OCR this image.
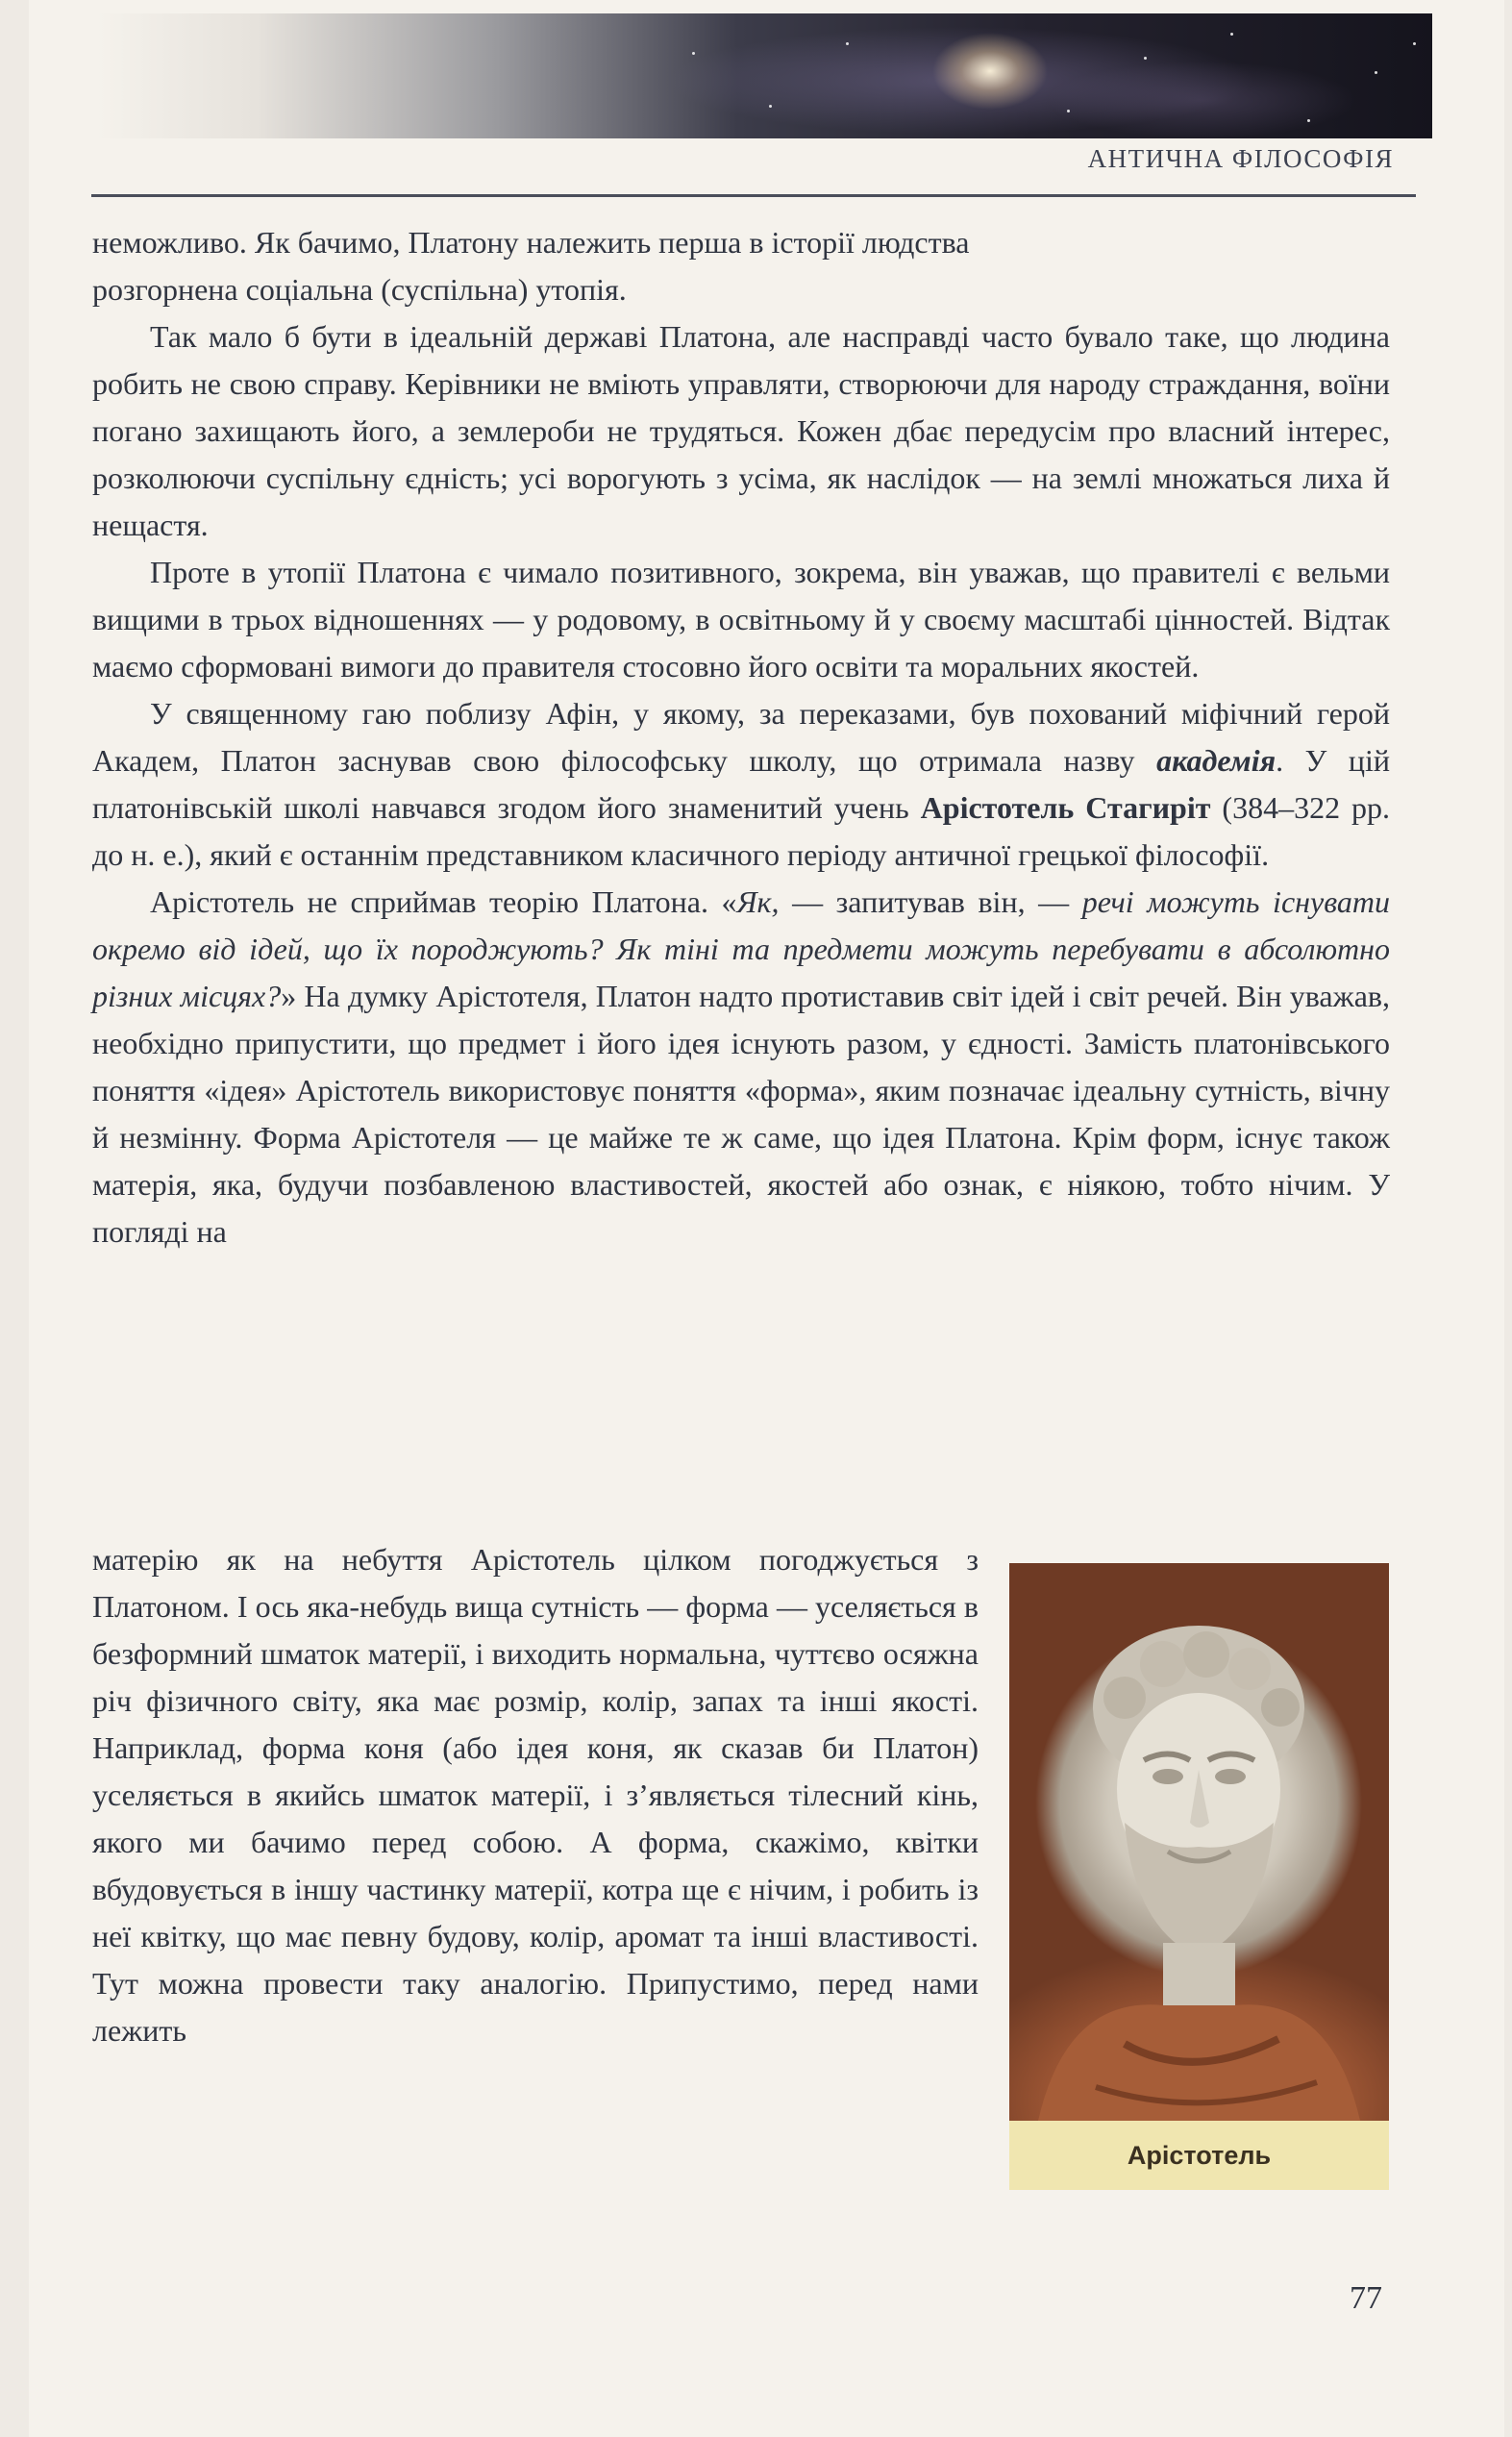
АНТИЧНА ФІЛОСОФІЯ

неможливо. Як бачимо, Платону належить перша в історії людства
розгорнена соціальна (суспільна) утопія.

Так мало б бути в ідеальній державі Платона, але насправді часто бувало таке, що людина робить не свою справу. Керівники не вміють управляти, створюючи для народу страждання, воїни погано захищають його, а землероби не трудяться. Кожен дбає передусім про власний інтерес, розколюючи суспільну єдність; усі ворогують з усіма, як наслідок — на землі множаться лиха й нещастя.

Проте в утопії Платона є чимало позитивного, зокрема, він уважав, що правителі є вельми вищими в трьох відношеннях — у родовому, в освітньому й у своєму масштабі цінностей. Відтак маємо сформовані вимоги до правителя стосовно його освіти та моральних якостей.

У священному гаю поблизу Афін, у якому, за переказами, був похований міфічний герой Академ, Платон заснував свою філософську школу, що отримала назву академія. У цій платонівській школі навчався згодом його знаменитий учень Арістотель Стагиріт (384–322 рр. до н. е.), який є останнім представником класичного періоду античної грецької філософії.

Арістотель не сприймав теорію Платона. «Як, — запитував він, — речі можуть існувати окремо від ідей, що їх породжують? Як тіні та предмети можуть перебувати в абсолютно різних місцях?» На думку Арістотеля, Платон надто протиставив світ ідей і світ речей. Він уважав, необхідно припустити, що предмет і його ідея існують разом, у єдності. Замість платонівського поняття «ідея» Арістотель використовує поняття «форма», яким позначає ідеальну сутність, вічну й незмінну. Форма Арістотеля — це майже те ж саме, що ідея Платона. Крім форм, існує також матерія, яка, будучи позбавленою властивостей, якостей або ознак, є ніякою, тобто нічим. У погляді на

матерію як на небуття Арістотель цілком погоджується з Платоном. І ось яка-небудь вища сутність — форма — уселяється в безформний шматок матерії, і виходить нормальна, чуттєво осяжна річ фізичного світу, яка має розмір, колір, запах та інші якості. Наприклад, форма коня (або ідея коня, як сказав би Платон) уселяється в якийсь шматок матерії, і з’являється тілесний кінь, якого ми бачимо перед собою. А форма, скажімо, квітки вбудовується в іншу частинку матерії, котра ще є нічим, і робить із неї квітку, що має певну будову, колір, аромат та інші властивості. Тут можна провести таку аналогію. Припустимо, перед нами лежить

Арістотель
77
